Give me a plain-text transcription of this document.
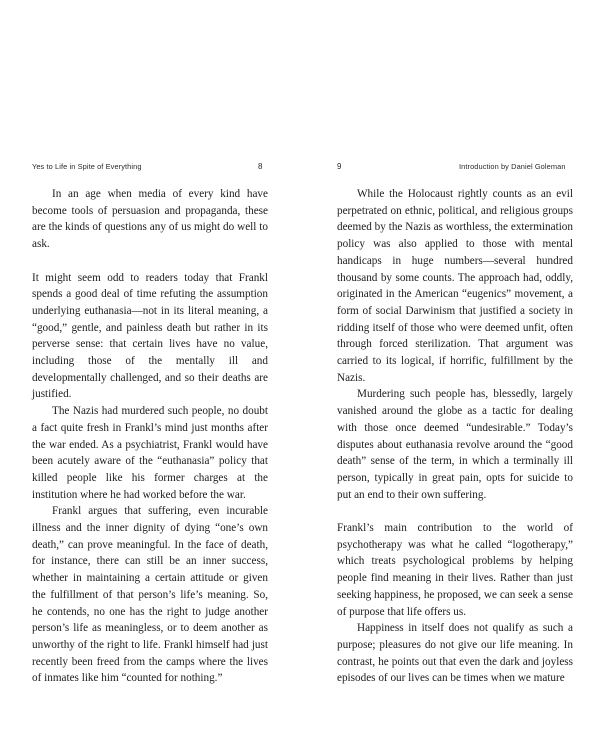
Yes to Life in Spite of Everything	8

In an age when media of every kind have become tools of persuasion and propaganda, these are the kinds of questions any of us might do well to ask.

It might seem odd to readers today that Frankl spends a good deal of time refuting the assumption underlying euthanasia—not in its literal meaning, a “good,” gentle, and painless death but rather in its perverse sense: that certain lives have no value, including those of the mentally ill and developmentally challenged, and so their deaths are justified.

The Nazis had murdered such people, no doubt a fact quite fresh in Frankl’s mind just months after the war ended. As a psychiatrist, Frankl would have been acutely aware of the “euthanasia” policy that killed people like his former charges at the institution where he had worked before the war.

Frankl argues that suffering, even incurable illness and the inner dignity of dying “one’s own death,” can prove meaningful. In the face of death, for instance, there can still be an inner success, whether in maintaining a certain attitude or given the fulfillment of that person’s life’s meaning. So, he contends, no one has the right to judge another person’s life as meaningless, or to deem another as unworthy of the right to life. Frankl himself had just recently been freed from the camps where the lives of inmates like him “counted for nothing.”

9	Introduction by Daniel Goleman

While the Holocaust rightly counts as an evil perpetrated on ethnic, political, and religious groups deemed by the Nazis as worthless, the extermination policy was also applied to those with mental handicaps in huge numbers—several hundred thousand by some counts. The approach had, oddly, originated in the American “eugenics” movement, a form of social Darwinism that justified a society in ridding itself of those who were deemed unfit, often through forced sterilization. That argument was carried to its logical, if horrific, fulfillment by the Nazis.

Murdering such people has, blessedly, largely vanished around the globe as a tactic for dealing with those once deemed “undesirable.” Today’s disputes about euthanasia revolve around the “good death” sense of the term, in which a terminally ill person, typically in great pain, opts for suicide to put an end to their own suffering.

Frankl’s main contribution to the world of psychotherapy was what he called “logotherapy,” which treats psychological problems by helping people find meaning in their lives. Rather than just seeking happiness, he proposed, we can seek a sense of purpose that life offers us.

Happiness in itself does not qualify as such a purpose; pleasures do not give our life meaning. In contrast, he points out that even the dark and joyless episodes of our lives can be times when we mature
